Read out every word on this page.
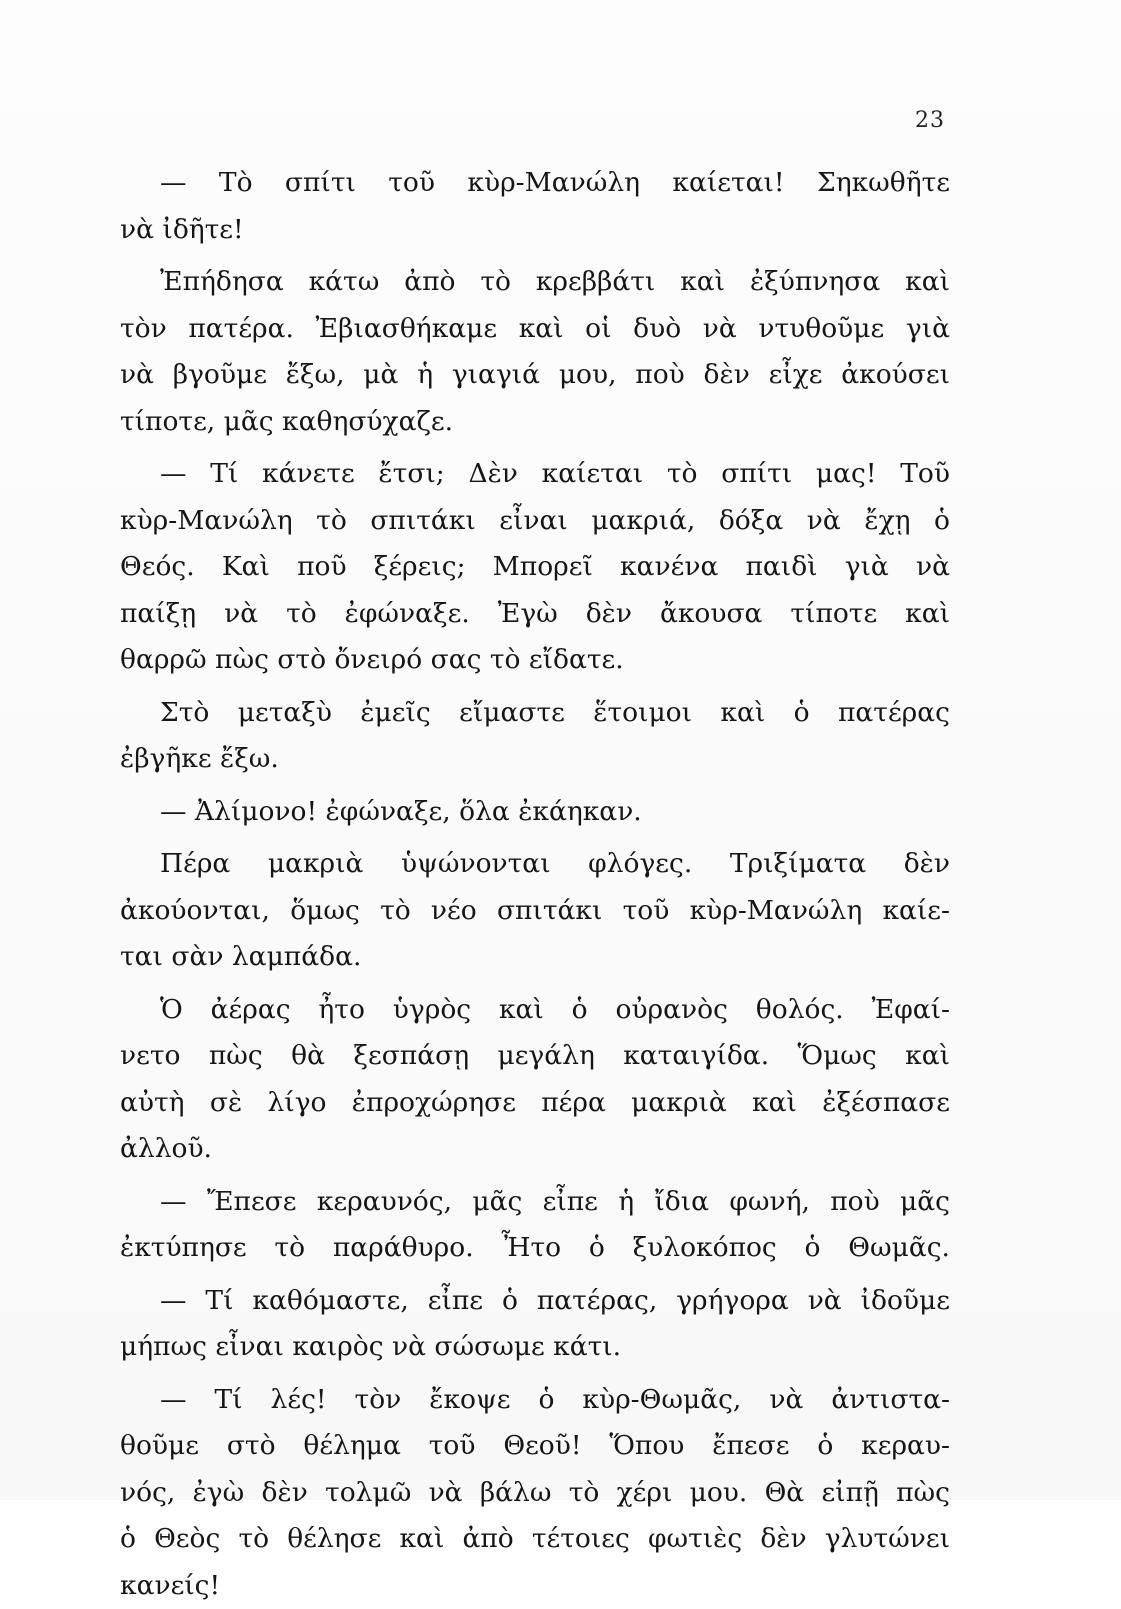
23
— Τὸ σπίτι τοῦ κὺρ-Μανώλη καίεται! Σηκωθῆτε
νὰ ἰδῆτε!
Ἐπήδησα κάτω ἀπὸ τὸ κρεββάτι καὶ ἐξύπνησα καὶ
τὸν πατέρα. Ἐβιασθήκαμε καὶ οἱ δυὸ νὰ ντυθοῦμε γιὰ
νὰ βγοῦμε ἔξω, μὰ ἡ γιαγιά μου, ποὺ δὲν εἶχε ἀκούσει
τίποτε, μᾶς καθησύχαζε.
— Τί κάνετε ἔτσι; Δὲν καίεται τὸ σπίτι μας! Τοῦ
κὺρ-Μανώλη τὸ σπιτάκι εἶναι μακριά, δόξα νὰ ἔχῃ ὁ
Θεός. Καὶ ποῦ ξέρεις; Μπορεῖ κανένα παιδὶ γιὰ νὰ
παίξῃ νὰ τὸ ἐφώναξε. Ἐγὼ δὲν ἄκουσα τίποτε καὶ
θαρρῶ πὼς στὸ ὄνειρό σας τὸ εἴδατε.
Στὸ μεταξὺ ἐμεῖς εἴμαστε ἕτοιμοι καὶ ὁ πατέρας
ἐβγῆκε ἔξω.
— Ἀλίμονο! ἐφώναξε, ὅλα ἐκάηκαν.
Πέρα μακριὰ ὑψώνονται φλόγες. Τριξίματα δὲν
ἀκούονται, ὅμως τὸ νέο σπιτάκι τοῦ κὺρ-Μανώλη καίε-
ται σὰν λαμπάδα.
Ὁ ἀέρας ἦτο ὑγρὸς καὶ ὁ οὐρανὸς θολός. Ἐφαί-
νετο πὼς θὰ ξεσπάσῃ μεγάλη καταιγίδα. Ὅμως καὶ
αὐτὴ σὲ λίγο ἐπροχώρησε πέρα μακριὰ καὶ ἐξέσπασε
ἀλλοῦ.
— Ἔπεσε κεραυνός, μᾶς εἶπε ἡ ἴδια φωνή, ποὺ μᾶς
ἐκτύπησε τὸ παράθυρο. Ἦτο ὁ ξυλοκόπος ὁ Θωμᾶς.
— Τί καθόμαστε, εἶπε ὁ πατέρας, γρήγορα νὰ ἰδοῦμε
μήπως εἶναι καιρὸς νὰ σώσωμε κάτι.
— Τί λές! τὸν ἔκοψε ὁ κὺρ-Θωμᾶς, νὰ ἀντιστα-
θοῦμε στὸ θέλημα τοῦ Θεοῦ! Ὅπου ἔπεσε ὁ κεραυ-
νός, ἐγὼ δὲν τολμῶ νὰ βάλω τὸ χέρι μου. Θὰ εἰπῇ πὼς
ὁ Θεὸς τὸ θέλησε καὶ ἀπὸ τέτοιες φωτιὲς δὲν γλυτώνει
κανείς!
